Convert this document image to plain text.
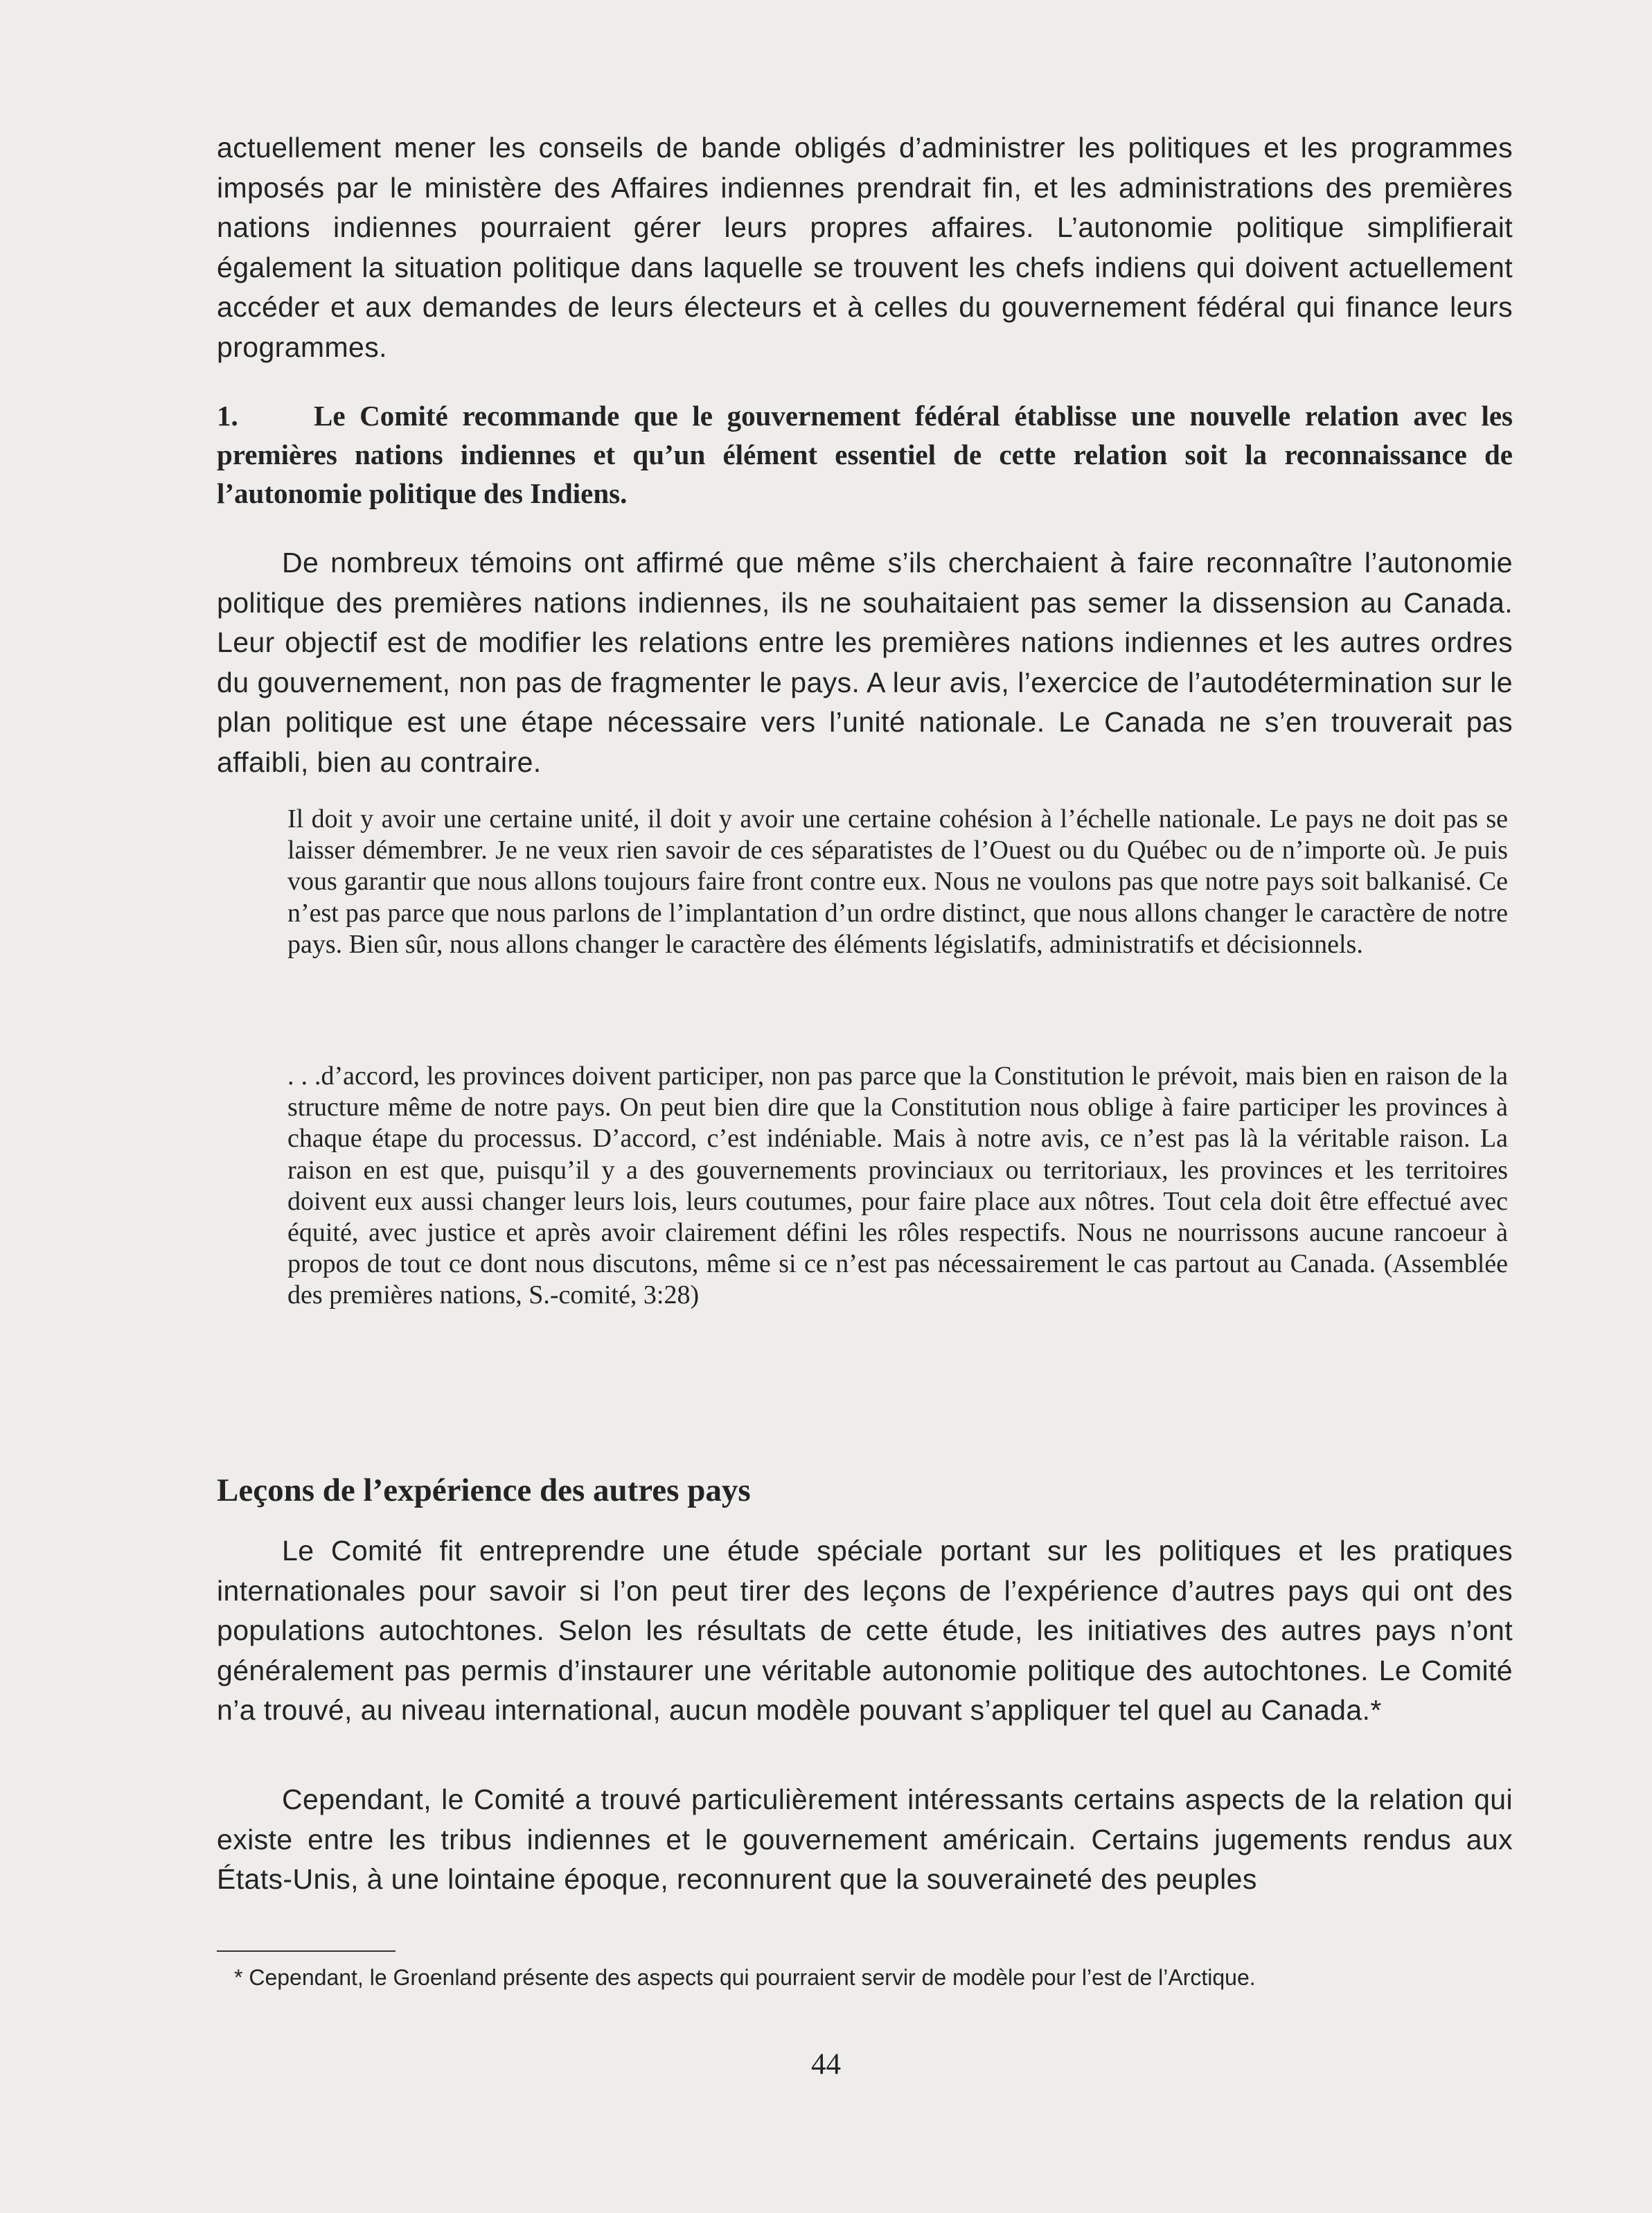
actuellement mener les conseils de bande obligés d’administrer les politiques et les programmes imposés par le ministère des Affaires indiennes prendrait fin, et les administrations des premières nations indiennes pourraient gérer leurs propres affaires. L’autonomie politique simplifierait également la situation politique dans laquelle se trouvent les chefs indiens qui doivent actuellement accéder et aux demandes de leurs électeurs et à celles du gouvernement fédéral qui finance leurs programmes.

1.	Le Comité recommande que le gouvernement fédéral établisse une nouvelle relation avec les premières nations indiennes et qu’un élément essentiel de cette relation soit la reconnaissance de l’autonomie politique des Indiens.

De nombreux témoins ont affirmé que même s’ils cherchaient à faire reconnaître l’autonomie politique des premières nations indiennes, ils ne souhaitaient pas semer la dissension au Canada. Leur objectif est de modifier les relations entre les premières nations indiennes et les autres ordres du gouvernement, non pas de fragmenter le pays. A leur avis, l’exercice de l’autodétermination sur le plan politique est une étape nécessaire vers l’unité nationale. Le Canada ne s’en trouverait pas affaibli, bien au contraire.

Il doit y avoir une certaine unité, il doit y avoir une certaine cohésion à l’échelle nationale. Le pays ne doit pas se laisser démembrer. Je ne veux rien savoir de ces séparatistes de l’Ouest ou du Québec ou de n’importe où. Je puis vous garantir que nous allons toujours faire front contre eux. Nous ne voulons pas que notre pays soit balkanisé. Ce n’est pas parce que nous parlons de l’implantation d’un ordre distinct, que nous allons changer le caractère de notre pays. Bien sûr, nous allons changer le caractère des éléments législatifs, administratifs et décisionnels.

. . .d’accord, les provinces doivent participer, non pas parce que la Constitution le prévoit, mais bien en raison de la structure même de notre pays. On peut bien dire que la Constitution nous oblige à faire participer les provinces à chaque étape du processus. D’accord, c’est indéniable. Mais à notre avis, ce n’est pas là la véritable raison. La raison en est que, puisqu’il y a des gouvernements provinciaux ou territoriaux, les provinces et les territoires doivent eux aussi changer leurs lois, leurs coutumes, pour faire place aux nôtres. Tout cela doit être effectué avec équité, avec justice et après avoir clairement défini les rôles respectifs. Nous ne nourrissons aucune rancoeur à propos de tout ce dont nous discutons, même si ce n’est pas nécessairement le cas partout au Canada. (Assemblée des premières nations, S.-comité, 3:28)

Leçons de l’expérience des autres pays

Le Comité fit entreprendre une étude spéciale portant sur les politiques et les pratiques internationales pour savoir si l’on peut tirer des leçons de l’expérience d’autres pays qui ont des populations autochtones. Selon les résultats de cette étude, les initiatives des autres pays n’ont généralement pas permis d’instaurer une véritable autonomie politique des autochtones. Le Comité n’a trouvé, au niveau international, aucun modèle pouvant s’appliquer tel quel au Canada.*

Cependant, le Comité a trouvé particulièrement intéressants certains aspects de la relation qui existe entre les tribus indiennes et le gouvernement américain. Certains jugements rendus aux États-Unis, à une lointaine époque, reconnurent que la souveraineté des peuples

* Cependant, le Groenland présente des aspects qui pourraient servir de modèle pour l’est de l’Arctique.

44
